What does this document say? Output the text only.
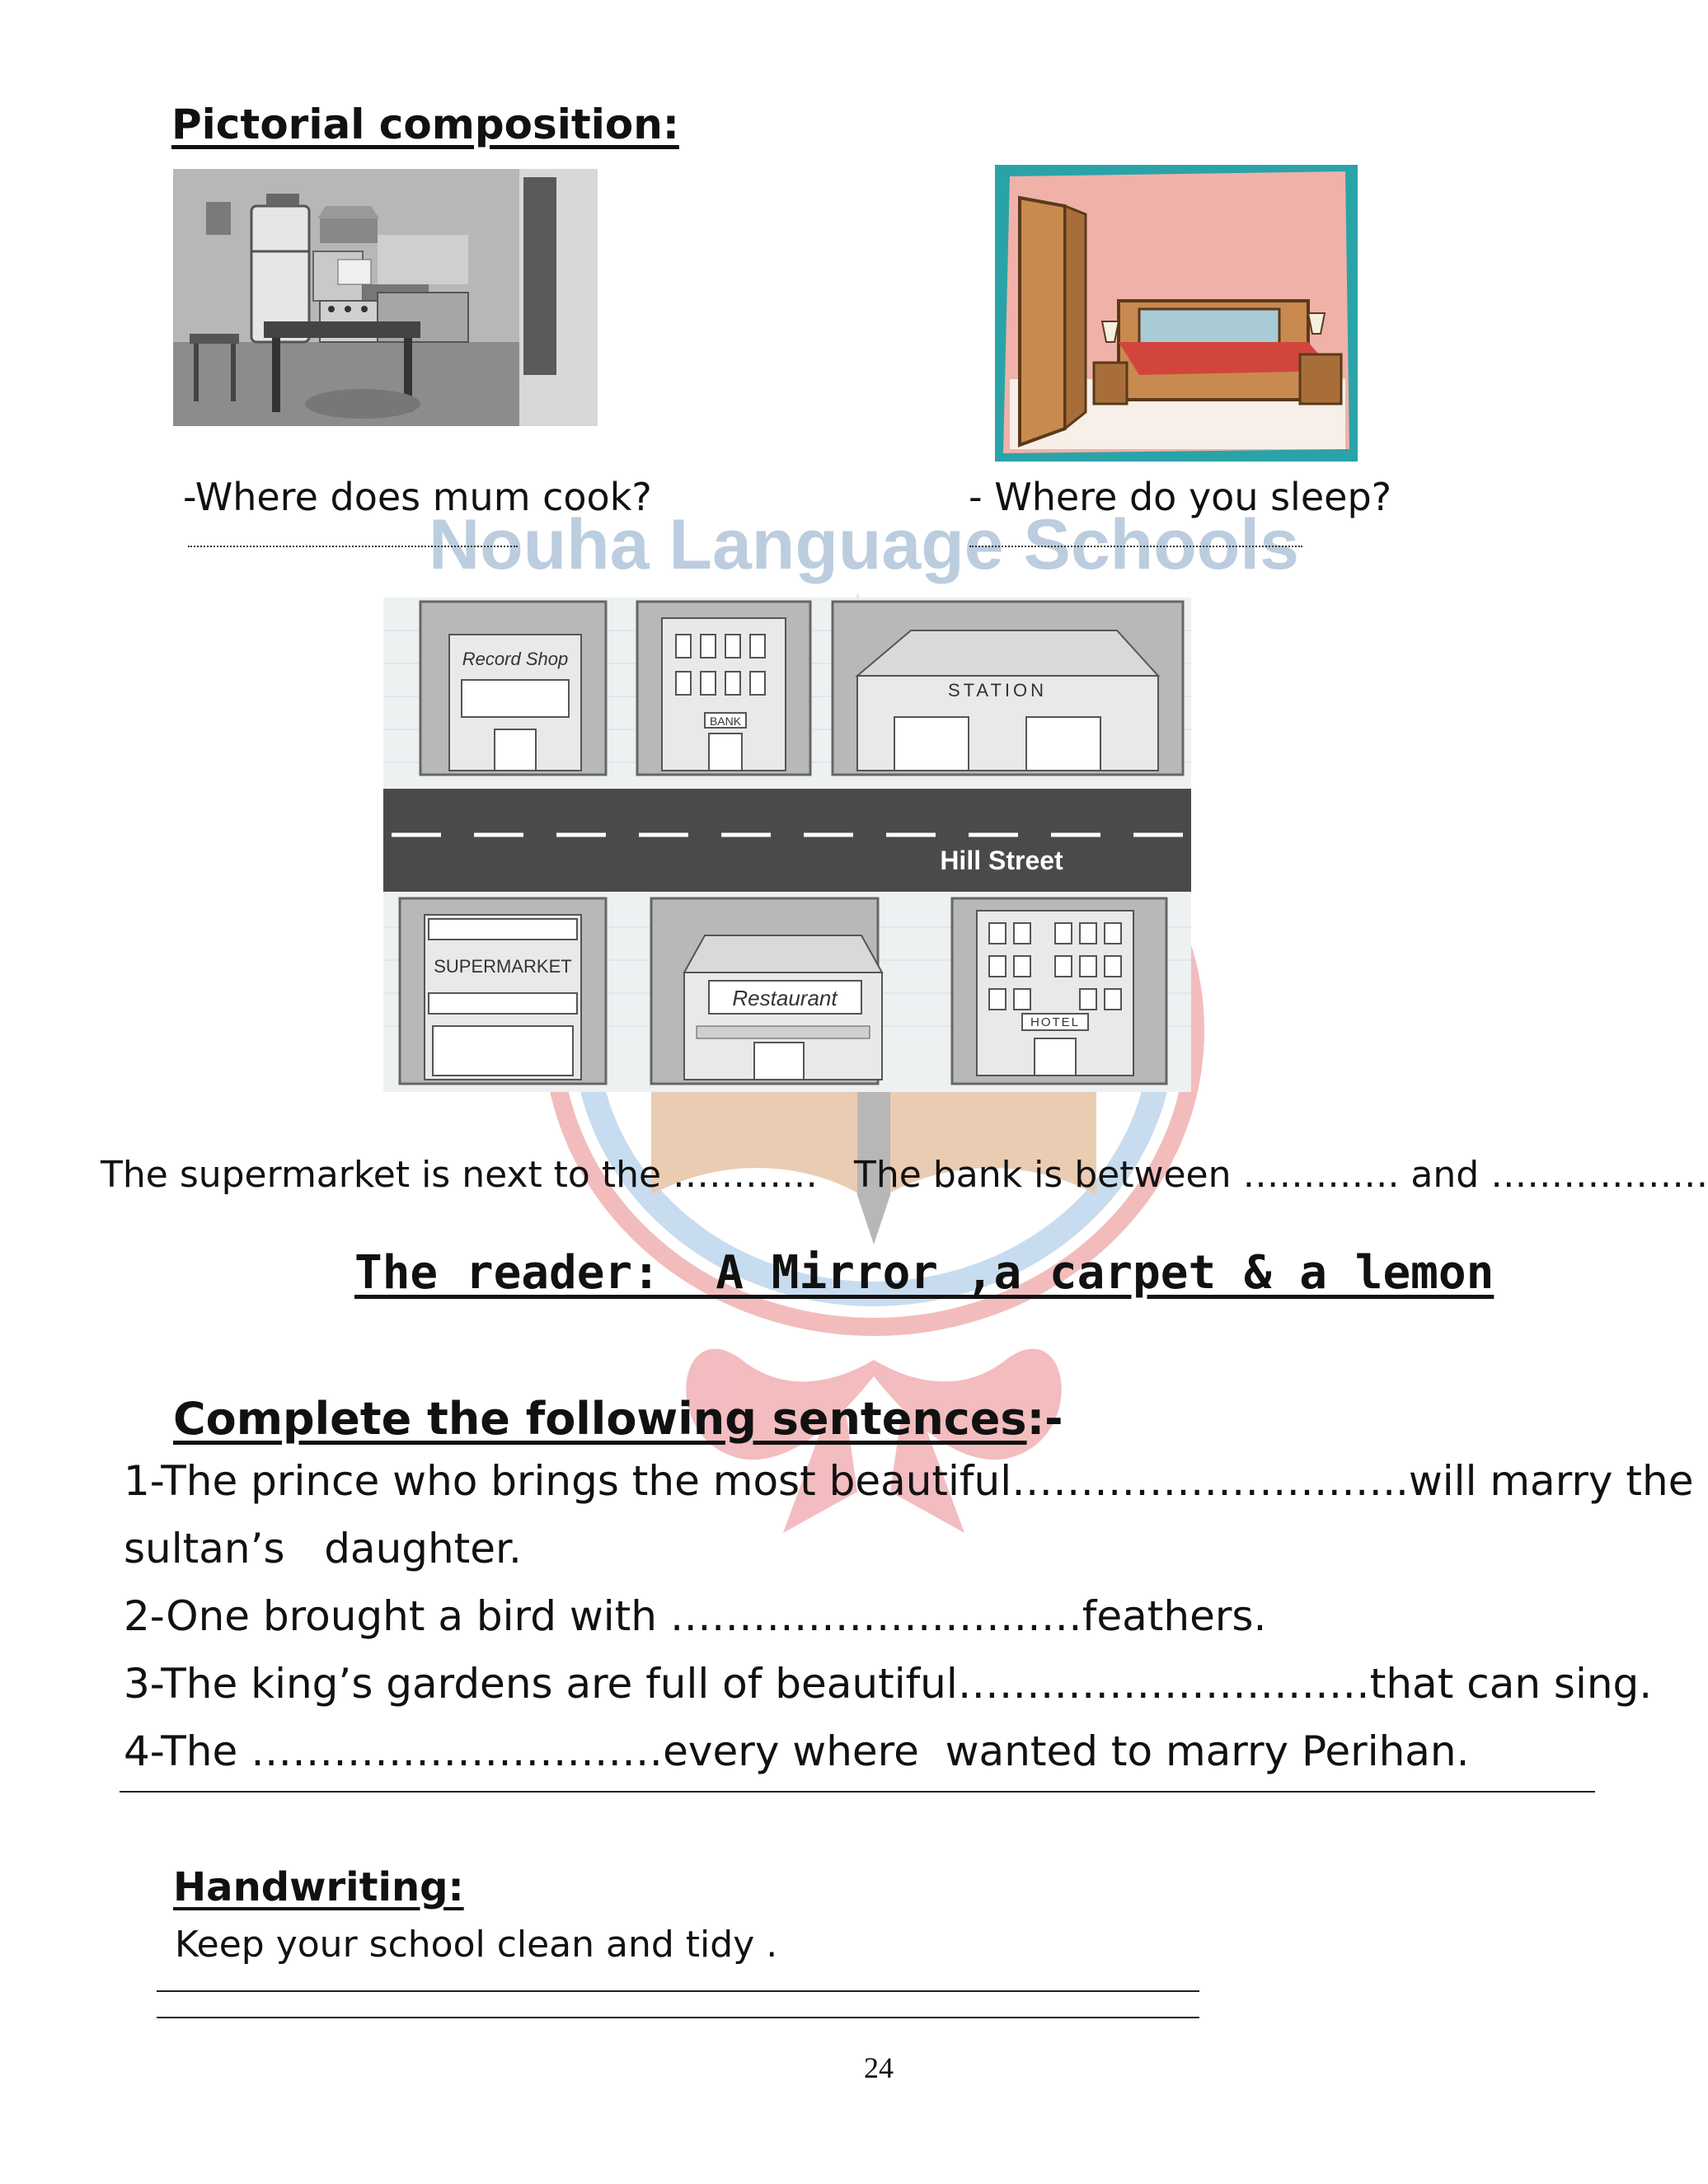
Nouha Language Schools
Pictorial composition:
-Where does mum cook?	- Where do you sleep?
Record Shop
BANK
STATION
Hill Street
SUPERMARKET
Restaurant
HOTEL
The supermarket is next to the ………… The bank is between …………. and ………………
The reader:  A Mirror ,a carpet & a lemon
Complete the following sentences:-
1-The prince who brings the most beautiful………………………..will marry the
sultan’s   daughter.
2-One brought a bird with …………………………feathers.
3-The king’s gardens are full of beautiful…………………………that can sing.
4-The …………………………every where  wanted to marry Perihan.
Handwriting:
Keep your school clean and tidy .
24
